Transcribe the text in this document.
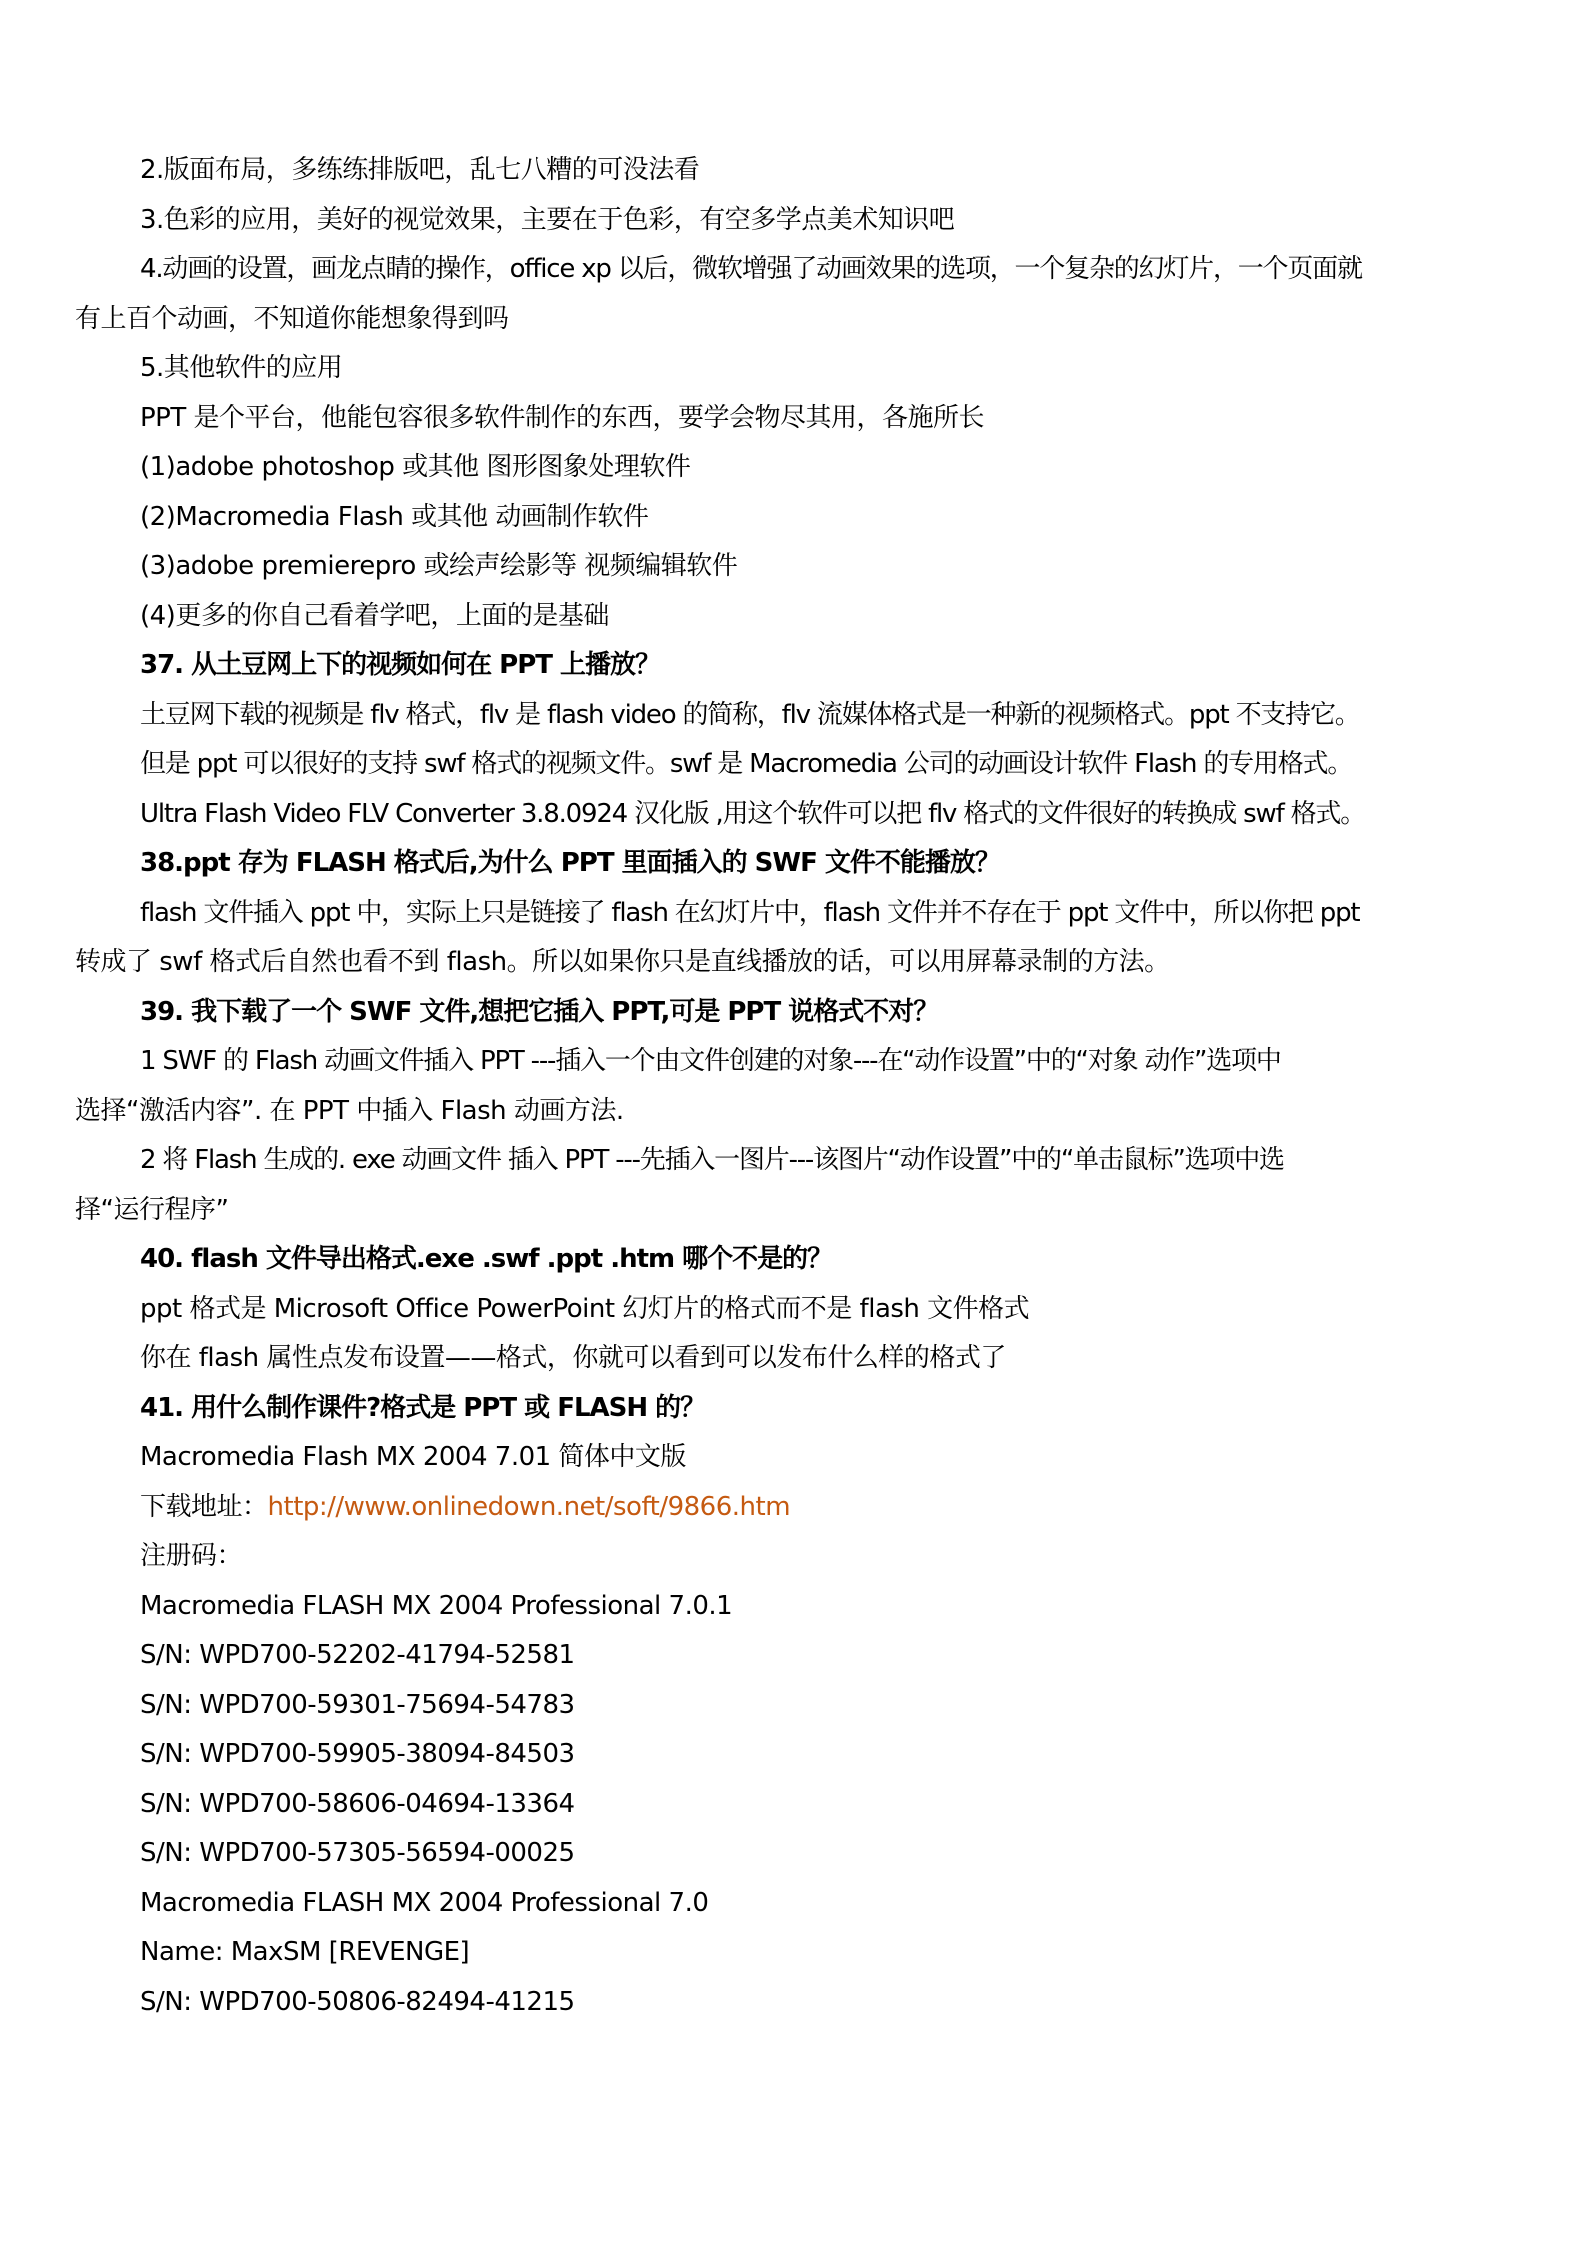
2.版面布局，多练练排版吧，乱七八糟的可没法看
3.色彩的应用，美好的视觉效果，主要在于色彩，有空多学点美术知识吧
4.动画的设置，画龙点睛的操作，office xp 以后，微软增强了动画效果的选项，一个复杂的幻灯片，一个页面就
有上百个动画，不知道你能想象得到吗
5.其他软件的应用
PPT 是个平台，他能包容很多软件制作的东西，要学会物尽其用，各施所长
(1)adobe photoshop 或其他 图形图象处理软件
(2)Macromedia Flash 或其他 动画制作软件
(3)adobe premierepro 或绘声绘影等 视频编辑软件
(4)更多的你自己看着学吧，上面的是基础
37. 从土豆网上下的视频如何在 PPT 上播放？
土豆网下载的视频是 flv 格式，flv 是 flash video 的简称，flv 流媒体格式是一种新的视频格式。ppt 不支持它。
但是 ppt 可以很好的支持 swf 格式的视频文件。swf 是 Macromedia 公司的动画设计软件 Flash 的专用格式。
Ultra Flash Video FLV Converter 3.8.0924 汉化版 ,用这个软件可以把 flv 格式的文件很好的转换成 swf 格式。
38.ppt 存为 FLASH 格式后,为什么 PPT 里面插入的 SWF 文件不能播放？
flash 文件插入 ppt 中，实际上只是链接了 flash 在幻灯片中，flash 文件并不存在于 ppt 文件中，所以你把 ppt
转成了 swf 格式后自然也看不到 flash。所以如果你只是直线播放的话，可以用屏幕录制的方法。
39. 我下载了一个 SWF 文件,想把它插入 PPT,可是 PPT 说格式不对？
1 SWF 的 Flash 动画文件插入 PPT ---插入一个由文件创建的对象---在“动作设置”中的“对象 动作”选项中
选择“激活内容”. 在 PPT 中插入 Flash 动画方法.
2 将 Flash 生成的. exe 动画文件 插入 PPT ---先插入一图片---该图片“动作设置”中的“单击鼠标”选项中选
择“运行程序”
40. flash 文件导出格式.exe .swf .ppt .htm 哪个不是的？
ppt 格式是 Microsoft Office PowerPoint 幻灯片的格式而不是 flash 文件格式
你在 flash 属性点发布设置——格式，你就可以看到可以发布什么样的格式了
41. 用什么制作课件?格式是 PPT 或 FLASH 的？
Macromedia Flash MX 2004 7.01 简体中文版
下载地址：http://www.onlinedown.net/soft/9866.htm
注册码：
Macromedia FLASH MX 2004 Professional 7.0.1
S/N: WPD700-52202-41794-52581
S/N: WPD700-59301-75694-54783
S/N: WPD700-59905-38094-84503
S/N: WPD700-58606-04694-13364
S/N: WPD700-57305-56594-00025
Macromedia FLASH MX 2004 Professional 7.0
Name: MaxSM [REVENGE]
S/N: WPD700-50806-82494-41215
